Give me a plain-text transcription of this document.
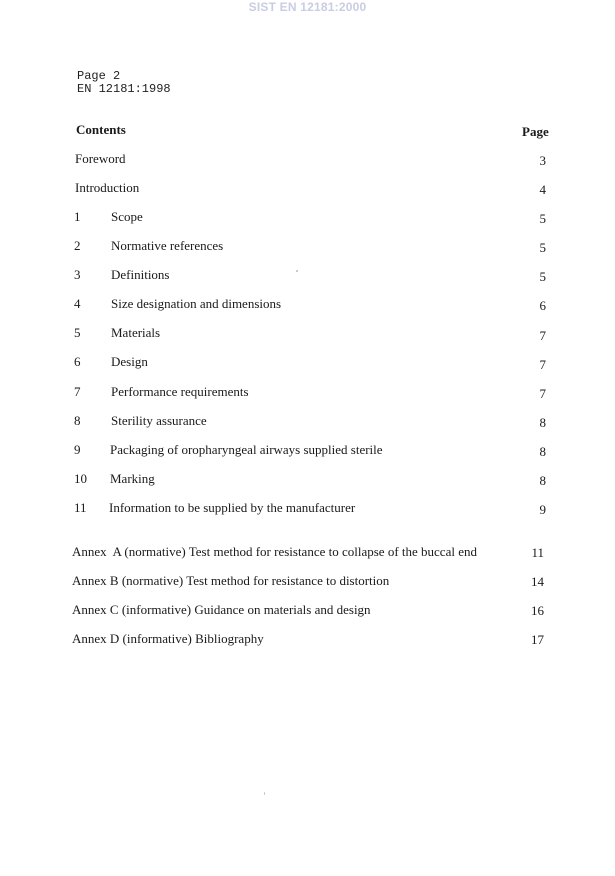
SIST EN 12181:2000
Page 2
EN 12181:1998
Contents	Page
Foreword	3
Introduction	4
1 Scope	5
2 Normative references	5
3 Definitions	5
4 Size designation and dimensions	6
5 Materials	7
6 Design	7
7 Performance requirements	7
8 Sterility assurance	8
9 Packaging of oropharyngeal airways supplied sterile	8
10 Marking	8
11 Information to be supplied by the manufacturer	9
Annex  A (normative) Test method for resistance to collapse of the buccal end	11
Annex B (normative) Test method for resistance to distortion	14
Annex C (informative) Guidance on materials and design	16
Annex D (informative) Bibliography	17
